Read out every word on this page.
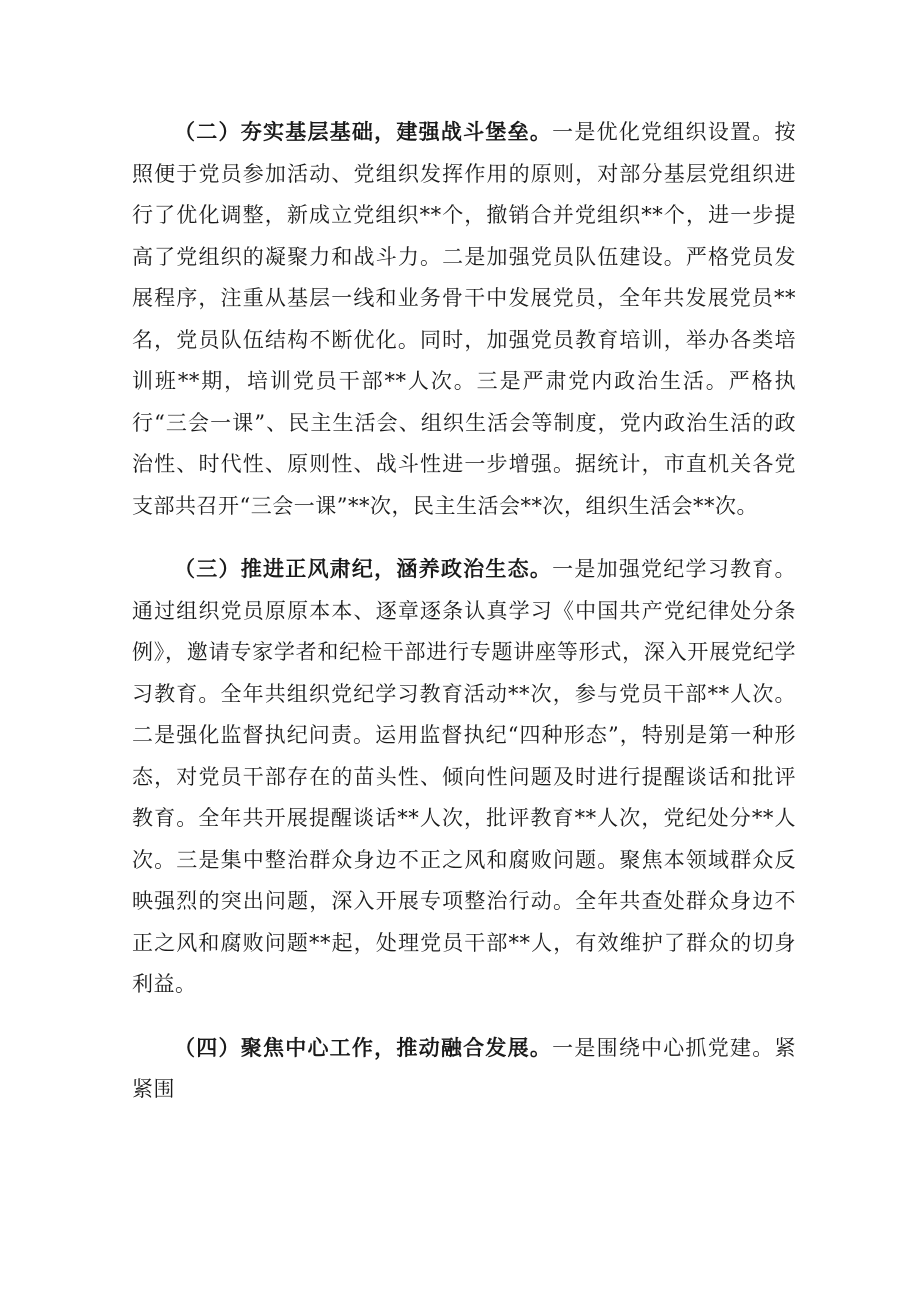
（二）夯实基层基础，建强战斗堡垒。一是优化党组织设置。按照便于党员参加活动、党组织发挥作用的原则，对部分基层党组织进行了优化调整，新成立党组织**个，撤销合并党组织**个，进一步提高了党组织的凝聚力和战斗力。二是加强党员队伍建设。严格党员发展程序，注重从基层一线和业务骨干中发展党员，全年共发展党员**名，党员队伍结构不断优化。同时，加强党员教育培训，举办各类培训班**期，培训党员干部**人次。三是严肃党内政治生活。严格执行“三会一课”、民主生活会、组织生活会等制度，党内政治生活的政治性、时代性、原则性、战斗性进一步增强。据统计，市直机关各党支部共召开“三会一课”**次，民主生活会**次，组织生活会**次。

（三）推进正风肃纪，涵养政治生态。一是加强党纪学习教育。通过组织党员原原本本、逐章逐条认真学习《中国共产党纪律处分条例》，邀请专家学者和纪检干部进行专题讲座等形式，深入开展党纪学习教育。全年共组织党纪学习教育活动**次，参与党员干部**人次。二是强化监督执纪问责。运用监督执纪“四种形态”，特别是第一种形态，对党员干部存在的苗头性、倾向性问题及时进行提醒谈话和批评教育。全年共开展提醒谈话**人次，批评教育**人次，党纪处分**人次。三是集中整治群众身边不正之风和腐败问题。聚焦本领域群众反映强烈的突出问题，深入开展专项整治行动。全年共查处群众身边不正之风和腐败问题**起，处理党员干部**人，有效维护了群众的切身利益。

（四）聚焦中心工作，推动融合发展。一是围绕中心抓党建。紧紧围
